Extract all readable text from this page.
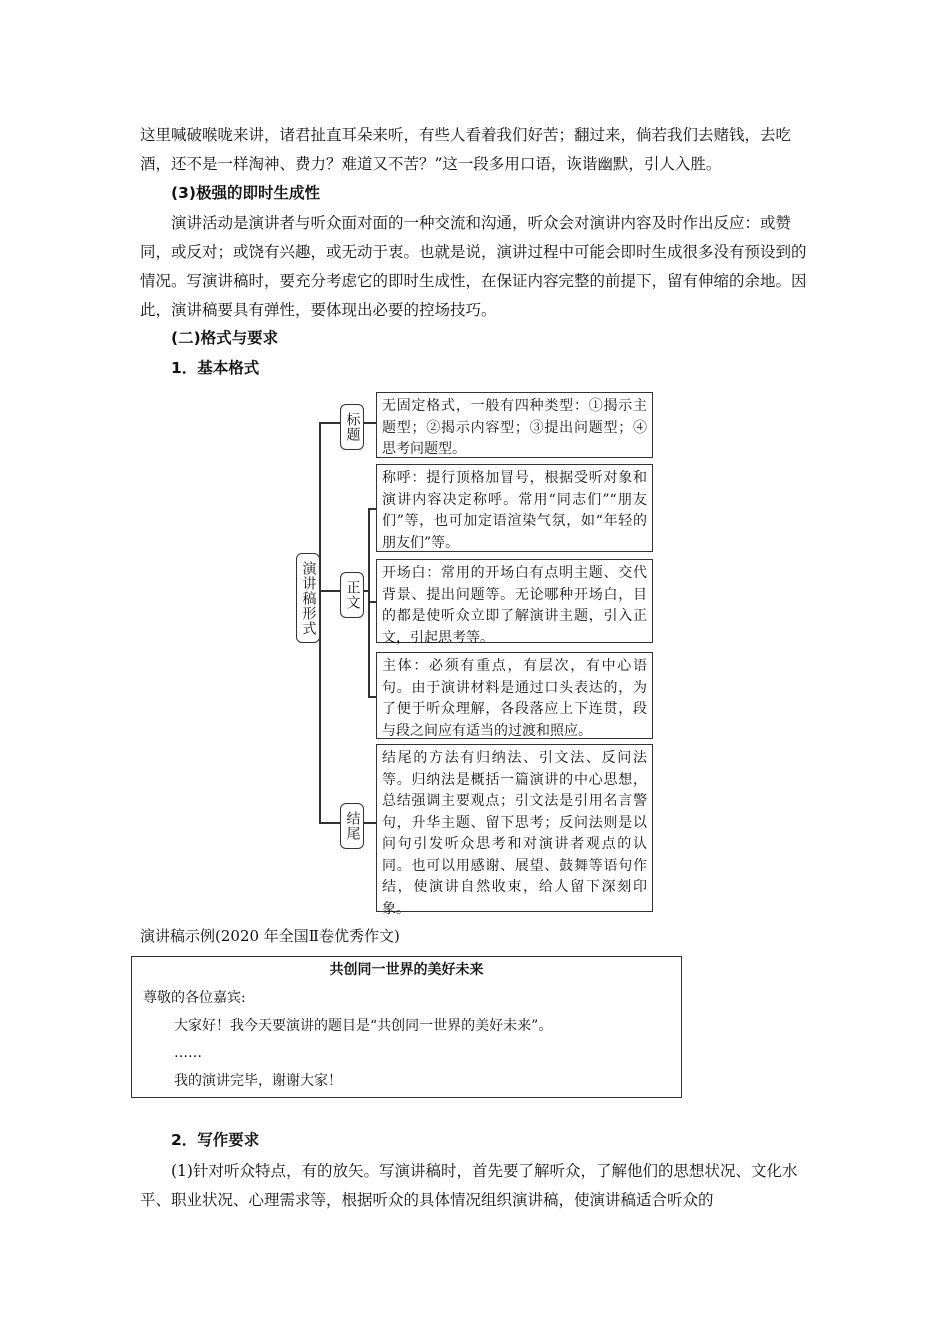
这里喊破喉咙来讲，诸君扯直耳朵来听，有些人看着我们好苦；翻过来，倘若我们去赌钱，去吃酒，还不是一样淘神、费力？难道又不苦？”这一段多用口语，诙谐幽默，引人入胜。
(3)极强的即时生成性
演讲活动是演讲者与听众面对面的一种交流和沟通，听众会对演讲内容及时作出反应：或赞同，或反对；或饶有兴趣，或无动于衷。也就是说，演讲过程中可能会即时生成很多没有预设到的情况。写演讲稿时，要充分考虑它的即时生成性，在保证内容完整的前提下，留有伸缩的余地。因此，演讲稿要具有弹性，要体现出必要的控场技巧。
(二)格式与要求
1．基本格式
演讲稿形式
标题
正文
结尾
无固定格式，一般有四种类型：①揭示主题型；②揭示内容型；③提出问题型；④思考问题型。
称呼：提行顶格加冒号，根据受听对象和演讲内容决定称呼。常用“同志们”“朋友们”等，也可加定语渲染气氛，如“年轻的朋友们”等。
开场白：常用的开场白有点明主题、交代背景、提出问题等。无论哪种开场白，目的都是使听众立即了解演讲主题，引入正文，引起思考等。
主体：必须有重点，有层次，有中心语句。由于演讲材料是通过口头表达的，为了便于听众理解，各段落应上下连贯，段与段之间应有适当的过渡和照应。
结尾的方法有归纳法、引文法、反问法等。归纳法是概括一篇演讲的中心思想，总结强调主要观点；引文法是引用名言警句，升华主题、留下思考；反问法则是以问句引发听众思考和对演讲者观点的认同。也可以用感谢、展望、鼓舞等语句作结，使演讲自然收束，给人留下深刻印象。
演讲稿示例(2020 年全国Ⅱ卷优秀作文)
共创同一世界的美好未来
尊敬的各位嘉宾:
大家好！我今天要演讲的题目是“共创同一世界的美好未来”。
……
我的演讲完毕，谢谢大家！
2．写作要求
(1)针对听众特点，有的放矢。写演讲稿时，首先要了解听众，了解他们的思想状况、文化水平、职业状况、心理需求等，根据听众的具体情况组织演讲稿，使演讲稿适合听众的
